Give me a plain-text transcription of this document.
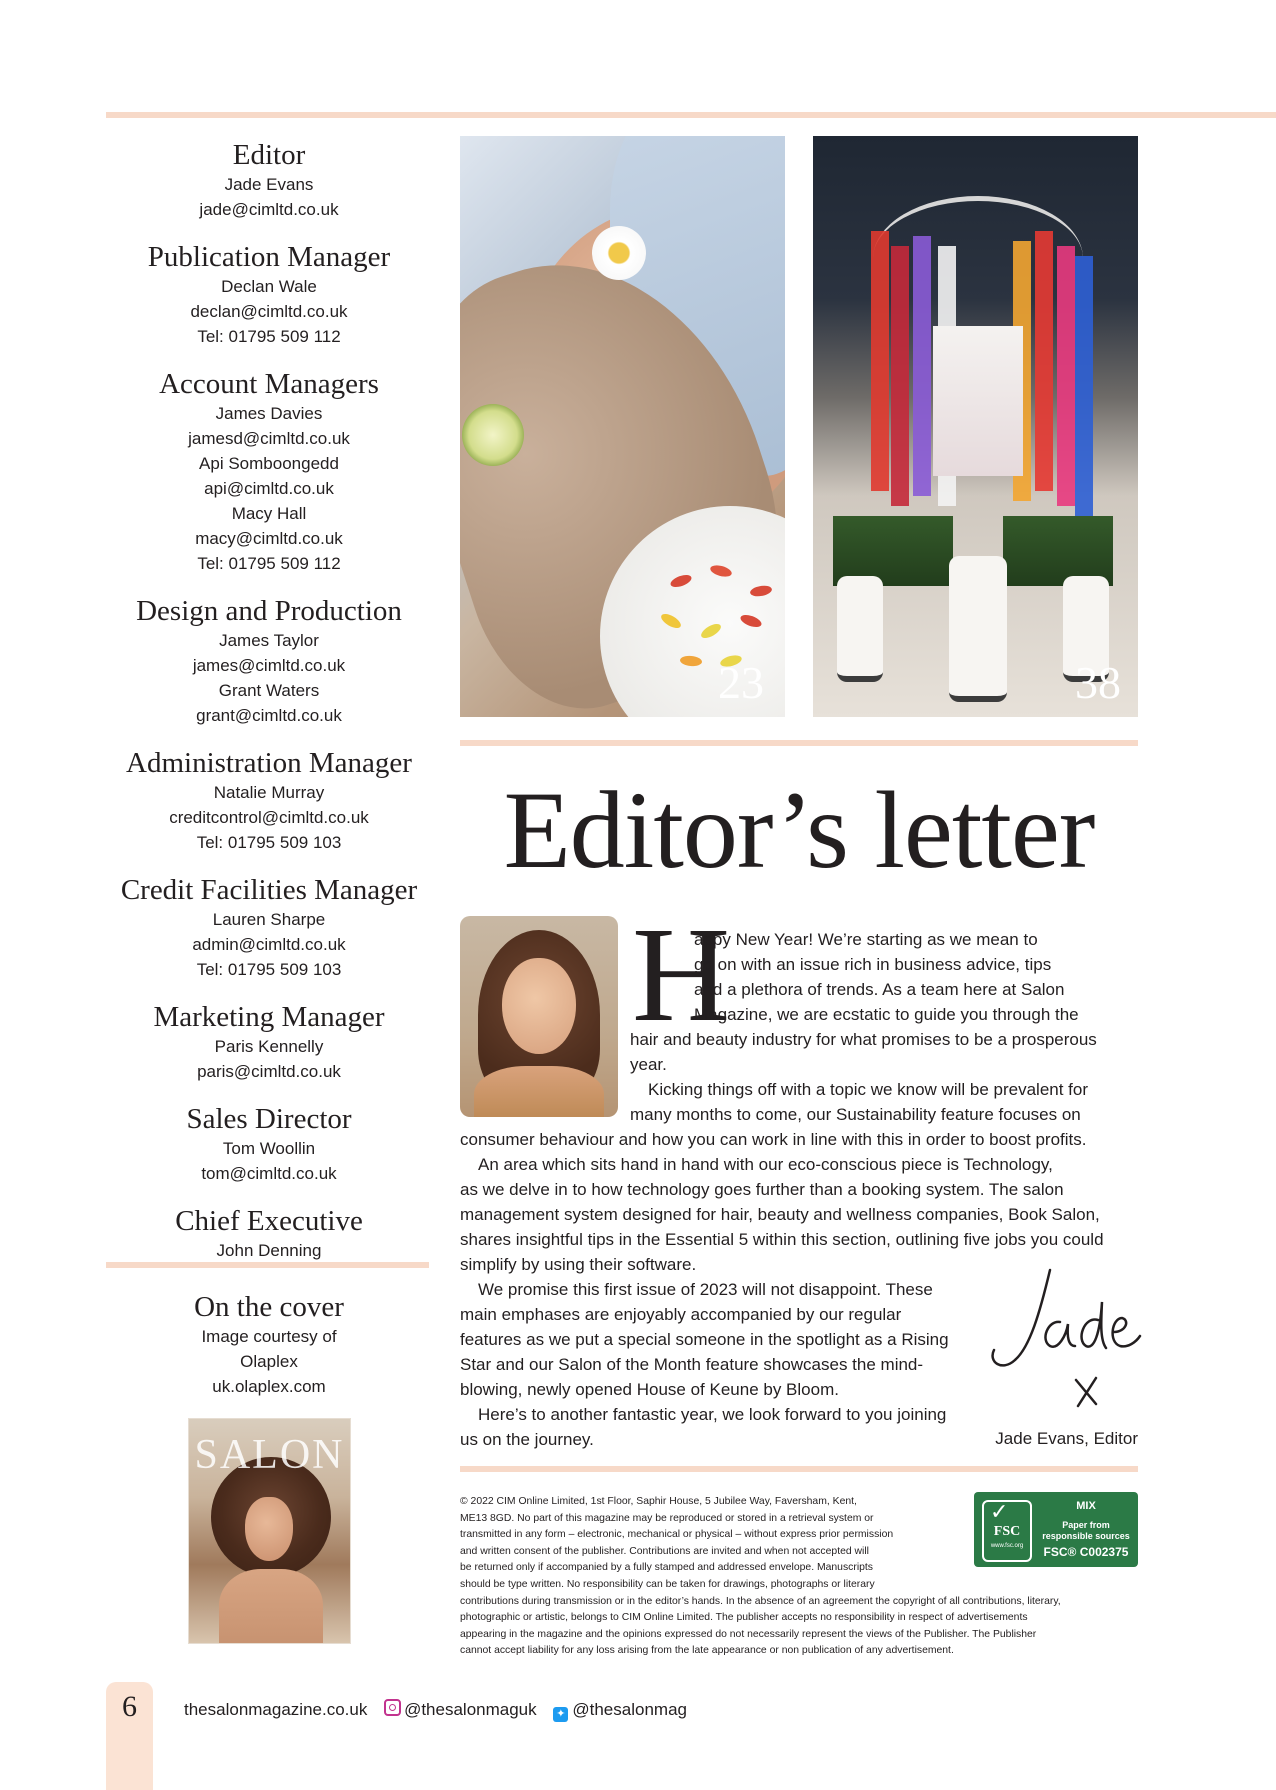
Editor
Jade Evans
jade@cimltd.co.uk
Publication Manager
Declan Wale
declan@cimltd.co.uk
Tel: 01795 509 112
Account Managers
James Davies
jamesd@cimltd.co.uk
Api Somboongedd
api@cimltd.co.uk
Macy Hall
macy@cimltd.co.uk
Tel: 01795 509 112
Design and Production
James Taylor
james@cimltd.co.uk
Grant Waters
grant@cimltd.co.uk
Administration Manager
Natalie Murray
creditcontrol@cimltd.co.uk
Tel: 01795 509 103
Credit Facilities Manager
Lauren Sharpe
admin@cimltd.co.uk
Tel: 01795 509 103
Marketing Manager
Paris Kennelly
paris@cimltd.co.uk
Sales Director
Tom Woollin
tom@cimltd.co.uk
Chief Executive
John Denning
On the cover
Image courtesy of
Olaplex
uk.olaplex.com
SALON
23	38
Editor’s letter
H
appy New Year! We’re starting as we mean to
go on with an issue rich in business advice, tips
and a plethora of trends. As a team here at Salon
Magazine, we are ecstatic to guide you through the
hair and beauty industry for what promises to be a prosperous
year.
Kicking things off with a topic we know will be prevalent for
many months to come, our Sustainability feature focuses on
consumer behaviour and how you can work in line with this in order to boost profits.
An area which sits hand in hand with our eco-conscious piece is Technology,
as we delve in to how technology goes further than a booking system. The salon
management system designed for hair, beauty and wellness companies, Book Salon,
shares insightful tips in the Essential 5 within this section, outlining five jobs you could
simplify by using their software.
We promise this first issue of 2023 will not disappoint. These
main emphases are enjoyably accompanied by our regular
features as we put a special someone in the spotlight as a Rising
Star and our Salon of the Month feature showcases the mind-
blowing, newly opened House of Keune by Bloom.
Here’s to another fantastic year, we look forward to you joining
us on the journey.	Jade Evans, Editor
© 2022 CIM Online Limited, 1st Floor, Saphir House, 5 Jubilee Way, Faversham, Kent,
ME13 8GD. No part of this magazine may be reproduced or stored in a retrieval system or
transmitted in any form – electronic, mechanical or physical – without express prior permission
and written consent of the publisher. Contributions are invited and when not accepted will
be returned only if accompanied by a fully stamped and addressed envelope. Manuscripts
should be type written. No responsibility can be taken for drawings, photographs or literary
contributions during transmission or in the editor’s hands. In the absence of an agreement the copyright of all contributions, literary,
photographic or artistic, belongs to CIM Online Limited. The publisher accepts no responsibility in respect of advertisements
appearing in the magazine and the opinions expressed do not necessarily represent the views of the Publisher. The Publisher
cannot accept liability for any loss arising from the late appearance or non publication of any advertisement.
✓
FSC
www.fsc.org
MIX
Paper from
responsible sources
FSC® C002375
6	thesalonmagazine.co.uk @thesalonmaguk ✦ @thesalonmag
